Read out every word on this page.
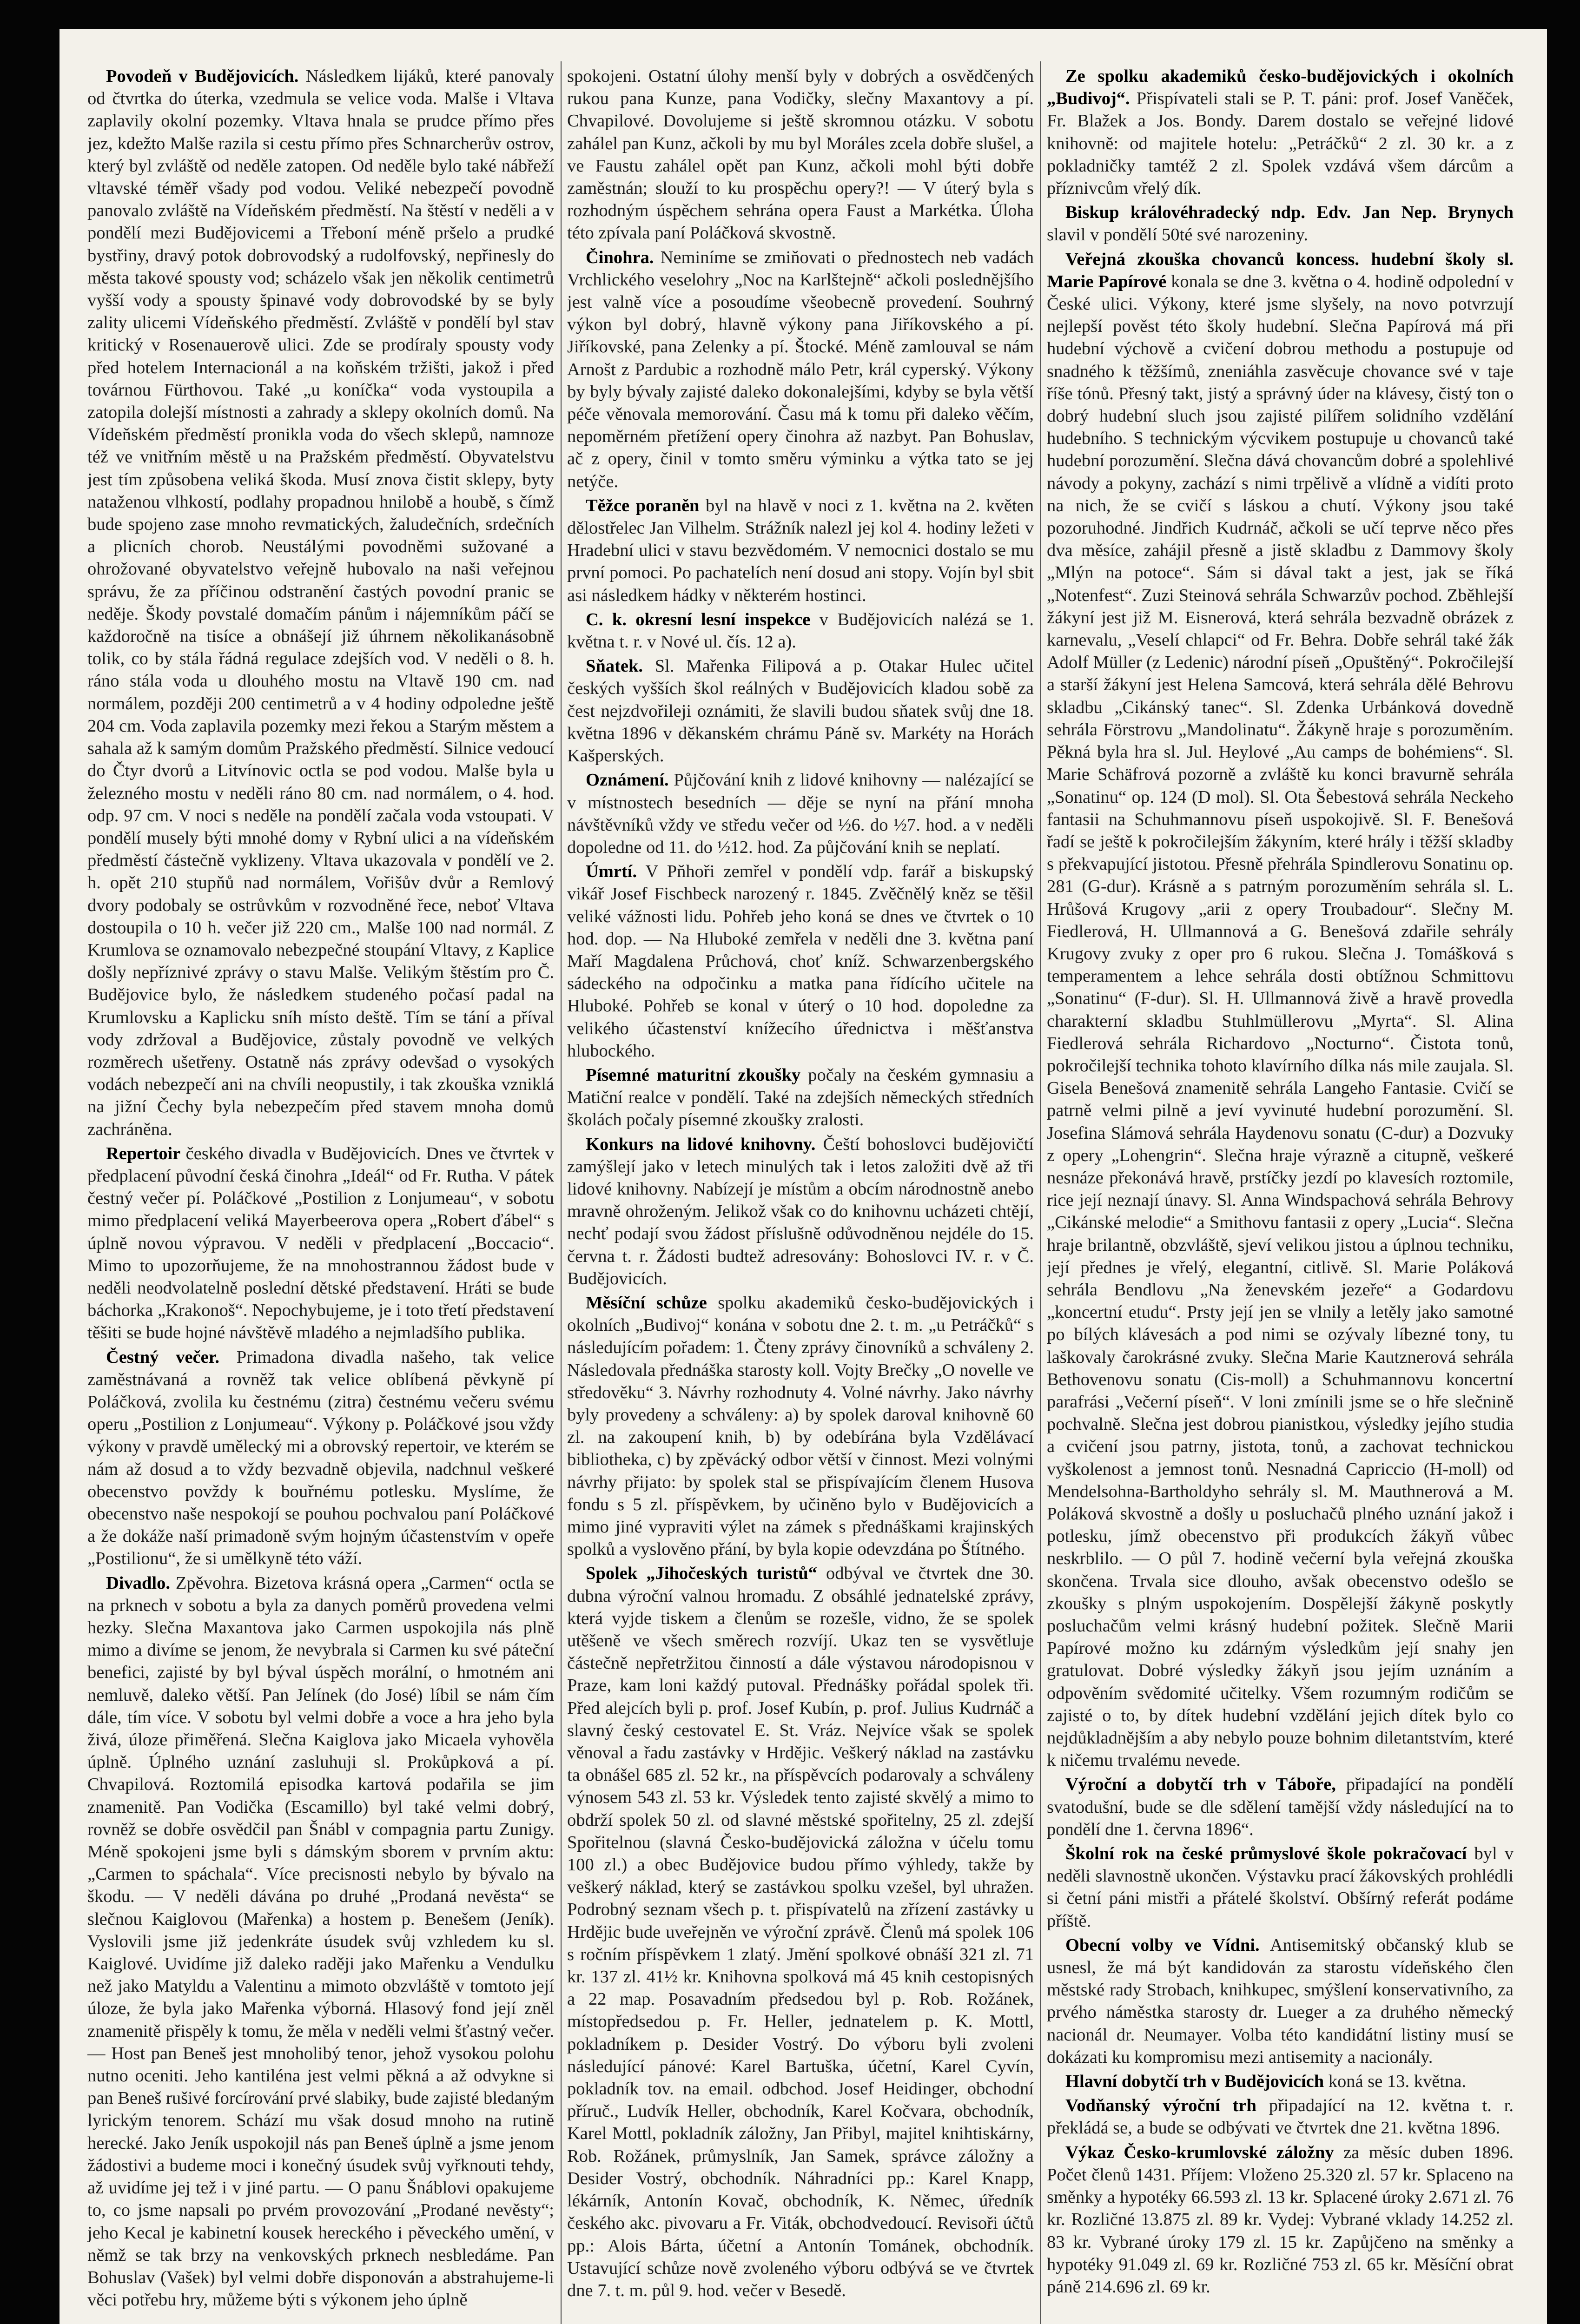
Povodeň v Budějovicích. Následkem lijáků, které panovaly od čtvrtka do úterka, vzedmula se velice voda. Malše i Vltava zaplavily okolní pozemky. Vltava hnala se prudce přímo přes jez, kdežto Malše razila si cestu přímo přes Schnarcherův ostrov, který byl zvláště od neděle zatopen. Od neděle bylo také nábřeží vltavské téměř všady pod vodou. Veliké nebezpečí povodně panovalo zvláště na Vídeňském předměstí. Na štěstí v neděli a v pondělí mezi Budějovicemi a Třeboní méně pršelo a prudké bystřiny, dravý potok dobrovodský a rudolfovský, nepřinesly do města takové spousty vod; scházelo však jen několik centimetrů vyšší vody a spousty špinavé vody dobrovodské by se byly zality ulicemi Vídeňského předměstí. Zvláště v pondělí byl stav kritický v Rosenauerově ulici. Zde se prodíraly spousty vody před hotelem Internacionál a na koňském tržišti, jakož i před továrnou Fürthovou. Také „u koníčka“ voda vystoupila a zatopila dolejší místnosti a zahrady a sklepy okolních domů. Na Vídeňském předměstí pronikla voda do všech sklepů, namnoze též ve vnitřním městě u na Pražském předměstí. Obyvatelstvu jest tím způsobena veliká škoda. Musí znova čistit sklepy, byty nataženou vlhkostí, podlahy propadnou hnilobě a houbě, s čímž bude spojeno zase mnoho revmatických, žaludečních, srdečních a plicních chorob. Neustálými povodněmi sužované a ohrožované obyvatelstvo veřejně hubovalo na naši veřejnou správu, že za příčinou odstranění častých povodní pranic se neděje. Škody povstalé domačím pánům i nájemníkům páčí se každoročně na tisíce a obnášejí již úhrnem několikanásobně tolik, co by stála řádná regulace zdejších vod. V neděli o 8. h. ráno stála voda u dlouhého mostu na Vltavě 190 cm. nad normálem, později 200 centimetrů a v 4 hodiny odpoledne ještě 204 cm. Voda zaplavila pozemky mezi řekou a Starým městem a sahala až k samým domům Pražského předměstí. Silnice vedoucí do Čtyr dvorů a Litvínovic octla se pod vodou. Malše byla u železného mostu v neděli ráno 80 cm. nad normálem, o 4. hod. odp. 97 cm. V noci s neděle na pondělí začala voda vstoupati. V pondělí musely býti mnohé domy v Rybní ulici a na vídeňském předměstí částečně vyklizeny. Vltava ukazovala v pondělí ve 2. h. opět 210 stupňů nad normálem, Vořišův dvůr a Remlový dvory podobaly se ostrůvkům v rozvodněné řece, neboť Vltava dostoupila o 10 h. večer již 220 cm., Malše 100 nad normál. Z Krumlova se oznamovalo nebezpečné stoupání Vltavy, z Kaplice došly nepříznivé zprávy o stavu Malše. Velikým štěstím pro Č. Budějovice bylo, že následkem studeného počasí padal na Krumlovsku a Kaplicku sníh místo deště. Tím se tání a příval vody zdržoval a Budějovice, zůstaly povodně ve velkých rozměrech ušetřeny. Ostatně nás zprávy odevšad o vysokých vodách nebezpečí ani na chvíli neopustily, i tak zkouška vzniklá na jižní Čechy byla nebezpečím před stavem mnoha domů zachráněna.

Repertoir českého divadla v Budějovicích. Dnes ve čtvrtek v předplacení původní česká činohra „Ideál“ od Fr. Rutha. V pátek čestný večer pí. Poláčkové „Postilion z Lonjumeau“, v sobotu mimo předplacení veliká Mayerbeerova opera „Robert ďábel“ s úplně novou výpravou. V neděli v předplacení „Boccacio“. Mimo to upozorňujeme, že na mnohostrannou žádost bude v neděli neodvolatelně poslední dětské představení. Hráti se bude báchorka „Krakonoš“. Nepochybujeme, je i toto třetí představení těšiti se bude hojné návštěvě mladého a nejmladšího publika.

Čestný večer. Primadona divadla našeho, tak velice zaměstnávaná a rovněž tak velice oblíbená pěvkyně pí Poláčková, zvolila ku čestnému (zitra) čestnému večeru svému operu „Postilion z Lonjumeau“. Výkony p. Poláčkové jsou vždy výkony v pravdě umělecký mi a obrovský repertoir, ve kterém se nám až dosud a to vždy bezvadně objevila, nadchnul veškeré obecenstvo povždy k bouřnému potlesku. Myslíme, že obecenstvo naše nespokojí se pouhou pochvalou paní Poláčkové a že dokáže naší primadoně svým hojným účastenstvím v opeře „Postilionu“, že si umělkyně této váží.

Divadlo. Zpěvohra. Bizetova krásná opera „Carmen“ octla se na prknech v sobotu a byla za danych poměrů provedena velmi hezky. Slečna Maxantova jako Carmen uspokojila nás plně mimo a divíme se jenom, že nevybrala si Carmen ku své páteční benefici, zajisté by byl býval úspěch morální, o hmotném ani nemluvě, daleko větší. Pan Jelínek (do José) líbil se nám čím dále, tím více. V sobotu byl velmi dobře a voce a hra jeho byla živá, úloze přiměřená. Slečna Kaiglova jako Micaela vyhověla úplně. Úplného uznání zasluhuji sl. Prokůpková a pí. Chvapilová. Roztomilá episodka kartová podařila se jim znamenitě. Pan Vodička (Escamillo) byl také velmi dobrý, rovněž se dobře osvědčil pan Šnábl v compagnia partu Zunigy. Méně spokojeni jsme byli s dámským sborem v prvním aktu: „Carmen to spáchala“. Více precisnosti nebylo by bývalo na škodu. — V neděli dávána po druhé „Prodaná nevěsta“ se slečnou Kaiglovou (Mařenka) a hostem p. Benešem (Jeník). Vyslovili jsme již jedenkráte úsudek svůj vzhledem ku sl. Kaiglové. Uvidíme již daleko raději jako Mařenku a Vendulku než jako Matyldu a Valentinu a mimoto obzvláště v tomtoto její úloze, že byla jako Mařenka výborná. Hlasový fond její zněl znamenitě přispěly k tomu, že měla v neděli velmi šťastný večer. — Host pan Beneš jest mnoholibý tenor, jehož vysokou polohu nutno oceniti. Jeho kantiléna jest velmi pěkná a až odvykne si pan Beneš rušivé forcírování prvé slabiky, bude zajisté bledaným lyrickým tenorem. Schází mu však dosud mnoho na rutině herecké. Jako Jeník uspokojil nás pan Beneš úplně a jsme jenom žádostivi a budeme moci i konečný úsudek svůj vyřknouti tehdy, až uvidíme jej tež i v jiné partu. — O panu Šnáblovi opakujeme to, co jsme napsali po prvém provozování „Prodané nevěsty“; jeho Kecal je kabinetní kousek hereckého i pěveckého umění, v němž se tak brzy na venkovských prknech nesbledáme. Pan Bohuslav (Vašek) byl velmi dobře disponován a abstrahujeme-li věci potřebu hry, můžeme býti s výkonem jeho úplně

spokojeni. Ostatní úlohy menší byly v dobrých a osvědčených rukou pana Kunze, pana Vodičky, slečny Maxantovy a pí. Chvapilové. Dovolujeme si ještě skromnou otázku. V sobotu zahálel pan Kunz, ačkoli by mu byl Moráles zcela dobře slušel, a ve Faustu zahálel opět pan Kunz, ačkoli mohl býti dobře zaměstnán; slouží to ku prospěchu opery?! — V úterý byla s rozhodným úspěchem sehrána opera Faust a Markétka. Úloha této zpívala paní Poláčková skvostně.

Činohra. Neminíme se zmiňovati o přednostech neb vadách Vrchlického veselohry „Noc na Karlštejně“ ačkoli poslednějšího jest valně více a posoudíme všeobecně provedení. Souhrný výkon byl dobrý, hlavně výkony pana Jiříkovského a pí. Jiříkovské, pana Zelenky a pí. Štocké. Méně zamlouval se nám Arnošt z Pardubic a rozhodně málo Petr, král cyperský. Výkony by byly bývaly zajisté daleko dokonalejšími, kdyby se byla větší péče věnovala memorování. Času má k tomu při daleko věčím, nepoměrném přetížení opery činohra až nazbyt. Pan Bohuslav, ač z opery, činil v tomto směru výminku a výtka tato se jej netýče.

Těžce poraněn byl na hlavě v noci z 1. května na 2. květen dělostřelec Jan Vilhelm. Strážník nalezl jej kol 4. hodiny ležeti v Hradební ulici v stavu bezvědomém. V nemocnici dostalo se mu první pomoci. Po pachatelích není dosud ani stopy. Vojín byl sbit asi následkem hádky v některém hostinci.

C. k. okresní lesní inspekce v Budějovicích nalézá se 1. května t. r. v Nové ul. čís. 12 a).

Sňatek. Sl. Mařenka Filipová a p. Otakar Hulec učitel českých vyšších škol reálných v Budějovicích kladou sobě za čest nejzdvořileji oznámiti, že slavili budou sňatek svůj dne 18. května 1896 v děkanském chrámu Páně sv. Markéty na Horách Kašperských.

Oznámení. Půjčování knih z lidové knihovny — nalézající se v místnostech besedních — děje se nyní na přání mnoha návštěvníků vždy ve středu večer od ½6. do ½7. hod. a v neděli dopoledne od 11. do ½12. hod. Za půjčování knih se neplatí.

Úmrtí. V Pňhoři zemřel v pondělí vdp. farář a biskupský vikář Josef Fischbeck narozený r. 1845. Zvěčnělý kněz se těšil veliké vážnosti lidu. Pohřeb jeho koná se dnes ve čtvrtek o 10 hod. dop. — Na Hluboké zemřela v neděli dne 3. května paní Maří Magdalena Průchová, choť kníž. Schwarzenbergského sádeckého na odpočinku a matka pana řídícího učitele na Hluboké. Pohřeb se konal v úterý o 10 hod. dopoledne za velikého účastenství knížecího úřednictva i měšťanstva hlubockého.

Písemné maturitní zkoušky počaly na českém gymnasiu a Matiční realce v pondělí. Také na zdejších německých středních školách počaly písemné zkoušky zralosti.

Konkurs na lidové knihovny. Čeští bohoslovci budějovičtí zamýšlejí jako v letech minulých tak i letos založiti dvě až tři lidové knihovny. Nabízejí je místům a obcím národnostně anebo mravně ohroženým. Jelikož však co do knihovnu ucházeti chtějí, nechť podají svou žádost příslušně odůvodněnou nejdéle do 15. června t. r. Žádosti budtež adresovány: Bohoslovci IV. r. v Č. Budějovicích.

Měsíční schůze spolku akademiků česko-budějovických i okolních „Budivoj“ konána v sobotu dne 2. t. m. „u Petráčků“ s následujícím pořadem: 1. Čteny zprávy činovníků a schváleny 2. Následovala přednáška starosty koll. Vojty Brečky „O novelle ve středověku“ 3. Návrhy rozhodnuty 4. Volné návrhy. Jako návrhy byly provedeny a schváleny: a) by spolek daroval knihovně 60 zl. na zakoupení knih, b) by odebírána byla Vzdělávací bibliotheka, c) by zpěvácký odbor větší v činnost. Mezi volnými návrhy přijato: by spolek stal se přispívajícím členem Husova fondu s 5 zl. příspěvkem, by učiněno bylo v Budějovicích a mimo jiné vypraviti výlet na zámek s přednáškami krajinských spolků a vyslověno přání, by byla kopie odevzdána po Štítného.

Spolek „Jihočeských turistů“ odbýval ve čtvrtek dne 30. dubna výroční valnou hromadu. Z obsáhlé jednatelské zprávy, která vyjde tiskem a členům se rozešle, vidno, že se spolek utěšeně ve všech směrech rozvíjí. Ukaz ten se vysvětluje částečně nepřetržitou činností a dále výstavou národopisnou v Praze, kam loni každý putoval. Přednášky pořádal spolek tři. Před alejcích byli p. prof. Josef Kubín, p. prof. Julius Kudrnáč a slavný český cestovatel E. St. Vráz. Nejvíce však se spolek věnoval a řadu zastávky v Hrdějic. Veškerý náklad na zastávku ta obnášel 685 zl. 52 kr., na příspěvcích podarovaly a schváleny výnosem 543 zl. 53 kr. Výsledek tento zajisté skvělý a mimo to obdrží spolek 50 zl. od slavné městské spořitelny, 25 zl. zdejší Spořitelnou (slavná Česko-budějovická záložna v účelu tomu 100 zl.) a obec Budějovice budou přímo výhledy, takže by veškerý náklad, který se zastávkou spolku vzešel, byl uhražen. Podrobný seznam všech p. t. přispívatelů na zřízení zastávky u Hrdějic bude uveřejněn ve výroční zprávě. Členů má spolek 106 s ročním příspěvkem 1 zlatý. Jmění spolkové obnáší 321 zl. 71 kr. 137 zl. 41½ kr. Knihovna spolková má 45 knih cestopisných a 22 map. Posavadním předsedou byl p. Rob. Rožánek, místopředsedou p. Fr. Heller, jednatelem p. K. Mottl, pokladníkem p. Desider Vostrý. Do výboru byli zvoleni následující pánové: Karel Bartuška, účetní, Karel Cyvín, pokladník tov. na email. odbchod. Josef Heidinger, obchodní příruč., Ludvík Heller, obchodník, Karel Kočvara, obchodník, Karel Mottl, pokladník záložny, Jan Přibyl, majitel knihtiskárny, Rob. Rožánek, průmyslník, Jan Samek, správce záložny a Desider Vostrý, obchodník. Náhradníci pp.: Karel Knapp, lékárník, Antonín Kovač, obchodník, K. Němec, úředník českého akc. pivovaru a Fr. Viták, obchodvedoucí. Revisoři účtů pp.: Alois Bárta, účetní a Antonín Tománek, obchodník. Ustavující schůze nově zvoleného výboru odbývá se ve čtvrtek dne 7. t. m. půl 9. hod. večer v Besedě.

Ze spolku akademiků česko-budějovických i okolních „Budivoj“. Přispívateli stali se P. T. páni: prof. Josef Vaněček, Fr. Blažek a Jos. Bondy. Darem dostalo se veřejné lidové knihovně: od majitele hotelu: „Petráčků“ 2 zl. 30 kr. a z pokladničky tamtéž 2 zl. Spolek vzdává všem dárcům a příznivcům vřelý dík.

Biskup královéhradecký ndp. Edv. Jan Nep. Brynych slavil v pondělí 50té své narozeniny.

Veřejná zkouška chovanců koncess. hudební školy sl. Marie Papírové konala se dne 3. května o 4. hodině odpolední v České ulici. Výkony, které jsme slyšely, na novo potvrzují nejlepší pověst této školy hudební. Slečna Papírová má při hudební výchově a cvičení dobrou methodu a postupuje od snadného k těžšímů, zneniáhla zasvěcuje chovance své v taje říše tónů. Přesný takt, jistý a správný úder na klávesy, čistý ton o dobrý hudební sluch jsou zajisté pilířem solidního vzdělání hudebního. S technickým výcvikem postupuje u chovanců také hudební porozumění. Slečna dává chovancům dobré a spolehlivé návody a pokyny, zachází s nimi trpělivě a vlídně a vidíti proto na nich, že se cvičí s láskou a chutí. Výkony jsou také pozoruhodné. Jindřich Kudrnáč, ačkoli se učí teprve něco přes dva měsíce, zahájil přesně a jistě skladbu z Dammovy školy „Mlýn na potoce“. Sám si dával takt a jest, jak se říká „Notenfest“. Zuzi Steinová sehrála Schwarzův pochod. Zběhlejší žákyní jest již M. Eisnerová, která sehrála bezvadně obrázek z karnevalu, „Veselí chlapci“ od Fr. Behra. Dobře sehrál také žák Adolf Müller (z Ledenic) národní píseň „Opuštěný“. Pokročilejší a starší žákyní jest Helena Samcová, která sehrála dělé Behrovu skladbu „Cikánský tanec“. Sl. Zdenka Urbánková dovedně sehrála Förstrovu „Mandolinatu“. Žákyně hraje s porozuměním. Pěkná byla hra sl. Jul. Heylové „Au camps de bohémiens“. Sl. Marie Schäfrová pozorně a zvláště ku konci bravurně sehrála „Sonatinu“ op. 124 (D mol). Sl. Ota Šebestová sehrála Neckeho fantasii na Schuhmannovu píseň uspokojivě. Sl. F. Benešová řadí se ještě k pokročilejším žákyním, které hrály i těžší skladby s překvapující jistotou. Přesně přehrála Spindlerovu Sonatinu op. 281 (G-dur). Krásně a s patrným porozuměním sehrála sl. L. Hrůšová Krugovy „arii z opery Troubadour“. Slečny M. Fiedlerová, H. Ullmannová a G. Benešová zdařile sehrály Krugovy zvuky z oper pro 6 rukou. Slečna J. Tomášková s temperamentem a lehce sehrála dosti obtížnou Schmittovu „Sonatinu“ (F-dur). Sl. H. Ullmannová živě a hravě provedla charakterní skladbu Stuhlmüllerovu „Myrta“. Sl. Alina Fiedlerová sehrála Richardovo „Nocturno“. Čistota tonů, pokročilejší technika tohoto klavírního dílka nás mile zaujala. Sl. Gisela Benešová znamenitě sehrála Langeho Fantasie. Cvičí se patrně velmi pilně a jeví vyvinuté hudební porozumění. Sl. Josefina Slámová sehrála Haydenovu sonatu (C-dur) a Dozvuky z opery „Lohengrin“. Slečna hraje výrazně a citupně, veškeré nesnáze překonává hravě, prstíčky jezdí po klavesích roztomile, rice její neznají únavy. Sl. Anna Windspachová sehrála Behrovy „Cikánské melodie“ a Smithovu fantasii z opery „Lucia“. Slečna hraje brilantně, obzvláště, sjeví velikou jistou a úplnou techniku, její přednes je vřelý, elegantní, citlivě. Sl. Marie Poláková sehrála Bendlovu „Na ženevském jezeře“ a Godardovu „koncertní etudu“. Prsty její jen se vlnily a letěly jako samotné po bílých klávesách a pod nimi se ozývaly líbezné tony, tu laškovaly čarokrásné zvuky. Slečna Marie Kautznerová sehrála Bethovenovu sonatu (Cis-moll) a Schuhmannovu koncertní parafrási „Večerní píseň“. V loni zmínili jsme se o hře slečnině pochvalně. Slečna jest dobrou pianistkou, výsledky jejího studia a cvičení jsou patrny, jistota, tonů, a zachovat technickou vyškolenost a jemnost tonů. Nesnadná Capriccio (H-moll) od Mendelsohna-Bartholdyho sehrály sl. M. Mauthnerová a M. Poláková skvostně a došly u posluchačů plného uznání jakož i potlesku, jímž obecenstvo při produkcích žákyň vůbec neskrblilo. — O půl 7. hodině večerní byla veřejná zkouška skončena. Trvala sice dlouho, avšak obecenstvo odešlo se zkoušky s plným uspokojením. Dospělejší žákyně poskytly posluchačům velmi krásný hudební požitek. Slečně Marii Papírové možno ku zdárným výsledkům její snahy jen gratulovat. Dobré výsledky žákyň jsou jejím uznáním a odpověním svědomité učitelky. Všem rozumným rodičům se zajisté o to, by dítek hudební vzdělání jejich dítek bylo co nejdůkladnějším a aby nebylo pouze bohnim diletantstvím, které k ničemu trvalému nevede.

Výroční a dobytčí trh v Táboře, připadající na pondělí svatodušní, bude se dle sdělení tamější vždy následující na to pondělí dne 1. června 1896“.

Školní rok na české průmyslové škole pokračovací byl v neděli slavnostně ukončen. Výstavku prací žákovských prohlédli si četní páni mistři a přátelé školství. Obšírný referát podáme příště.

Obecní volby ve Vídni. Antisemitský občanský klub se usnesl, že má být kandidován za starostu vídeňského člen městské rady Strobach, knihkupec, smýšlení konservativního, za prvého náměstka starosty dr. Lueger a za druhého německý nacionál dr. Neumayer. Volba této kandidátní listiny musí se dokázati ku kompromisu mezi antisemity a nacionály.

Hlavní dobytčí trh v Budějovicích koná se 13. května.

Vodňanský výroční trh připadající na 12. května t. r. překládá se, a bude se odbývati ve čtvrtek dne 21. května 1896.

Výkaz Česko-krumlovské záložny za měsíc duben 1896. Počet členů 1431. Příjem: Vloženo 25.320 zl. 57 kr. Splaceno na směnky a hypotéky 66.593 zl. 13 kr. Splacené úroky 2.671 zl. 76 kr. Rozličné 13.875 zl. 89 kr. Vydej: Vybrané vklady 14.252 zl. 83 kr. Vybrané úroky 179 zl. 15 kr. Zapůjčeno na směnky a hypotéky 91.049 zl. 69 kr. Rozličné 753 zl. 65 kr. Měsíční obrat páně 214.696 zl. 69 kr.
